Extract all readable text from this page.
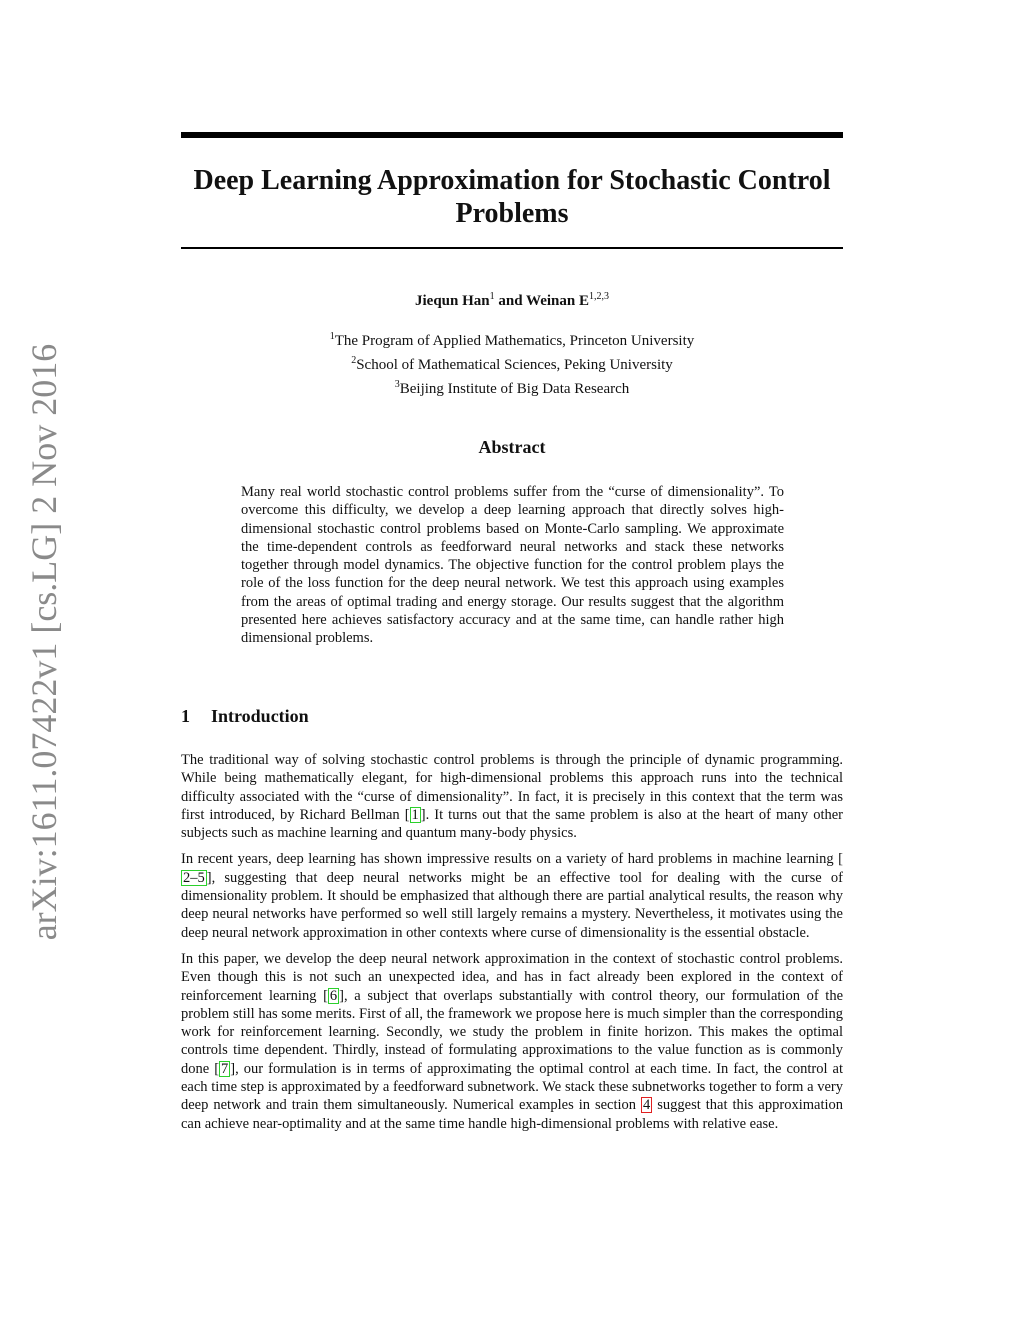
arXiv:1611.07422v1 [cs.LG] 2 Nov 2016
Deep Learning Approximation for Stochastic Control Problems

Jiequn Han$^1$ and Weinan E$^{1,2,3}$

$^1$The Program of Applied Mathematics, Princeton University
$^2$School of Mathematical Sciences, Peking University
$^3$Beijing Institute of Big Data Research
Abstract

Many real world stochastic control problems suffer from the “curse of dimensionality”. To overcome this difficulty, we develop a deep learning approach that directly solves high-dimensional stochastic control problems based on Monte-Carlo sampling. We approximate the time-dependent controls as feedforward neural networks and stack these networks together through model dynamics. The objective function for the control problem plays the role of the loss function for the deep neural network. We test this approach using examples from the areas of optimal trading and energy storage. Our results suggest that the algorithm presented here achieves satisfactory accuracy and at the same time, can handle rather high dimensional problems.

1 Introduction

The traditional way of solving stochastic control problems is through the principle of dynamic programming. While being mathematically elegant, for high-dimensional problems this approach runs into the technical difficulty associated with the “curse of dimensionality”. In fact, it is precisely in this context that the term was first introduced, by Richard Bellman [ 1 ]. It turns out that the same problem is also at the heart of many other subjects such as machine learning and quantum many-body physics.

In recent years, deep learning has shown impressive results on a variety of hard problems in machine learning [2–5 ], suggesting that deep neural networks might be an effective tool for dealing with the curse of dimensionality problem. It should be emphasized that although there are partial analytical results, the reason why deep neural networks have performed so well still largely remains a mystery. Nevertheless, it motivates using the deep neural network approximation in other contexts where curse of dimensionality is the essential obstacle.

In this paper, we develop the deep neural network approximation in the context of stochastic control problems. Even though this is not such an unexpected idea, and has in fact already been explored in the context of reinforcement learning [ 6 ], a subject that overlaps substantially with control theory, our formulation of the problem still has some merits. First of all, the framework we propose here is much simpler than the corresponding work for reinforcement learning. Secondly, we study the problem in finite horizon. This makes the optimal controls time dependent. Thirdly, instead of formulating approximations to the value function as is commonly done [ 7 ], our formulation is in terms of approximating the optimal control at each time. In fact, the control at each time step is approximated by a feedforward subnetwork. We stack these subnetworks together to form a very deep network and train them simultaneously. Numerical examples in section 4 suggest that this approximation can achieve near-optimality and at the same time handle high-dimensional problems with relative ease.
